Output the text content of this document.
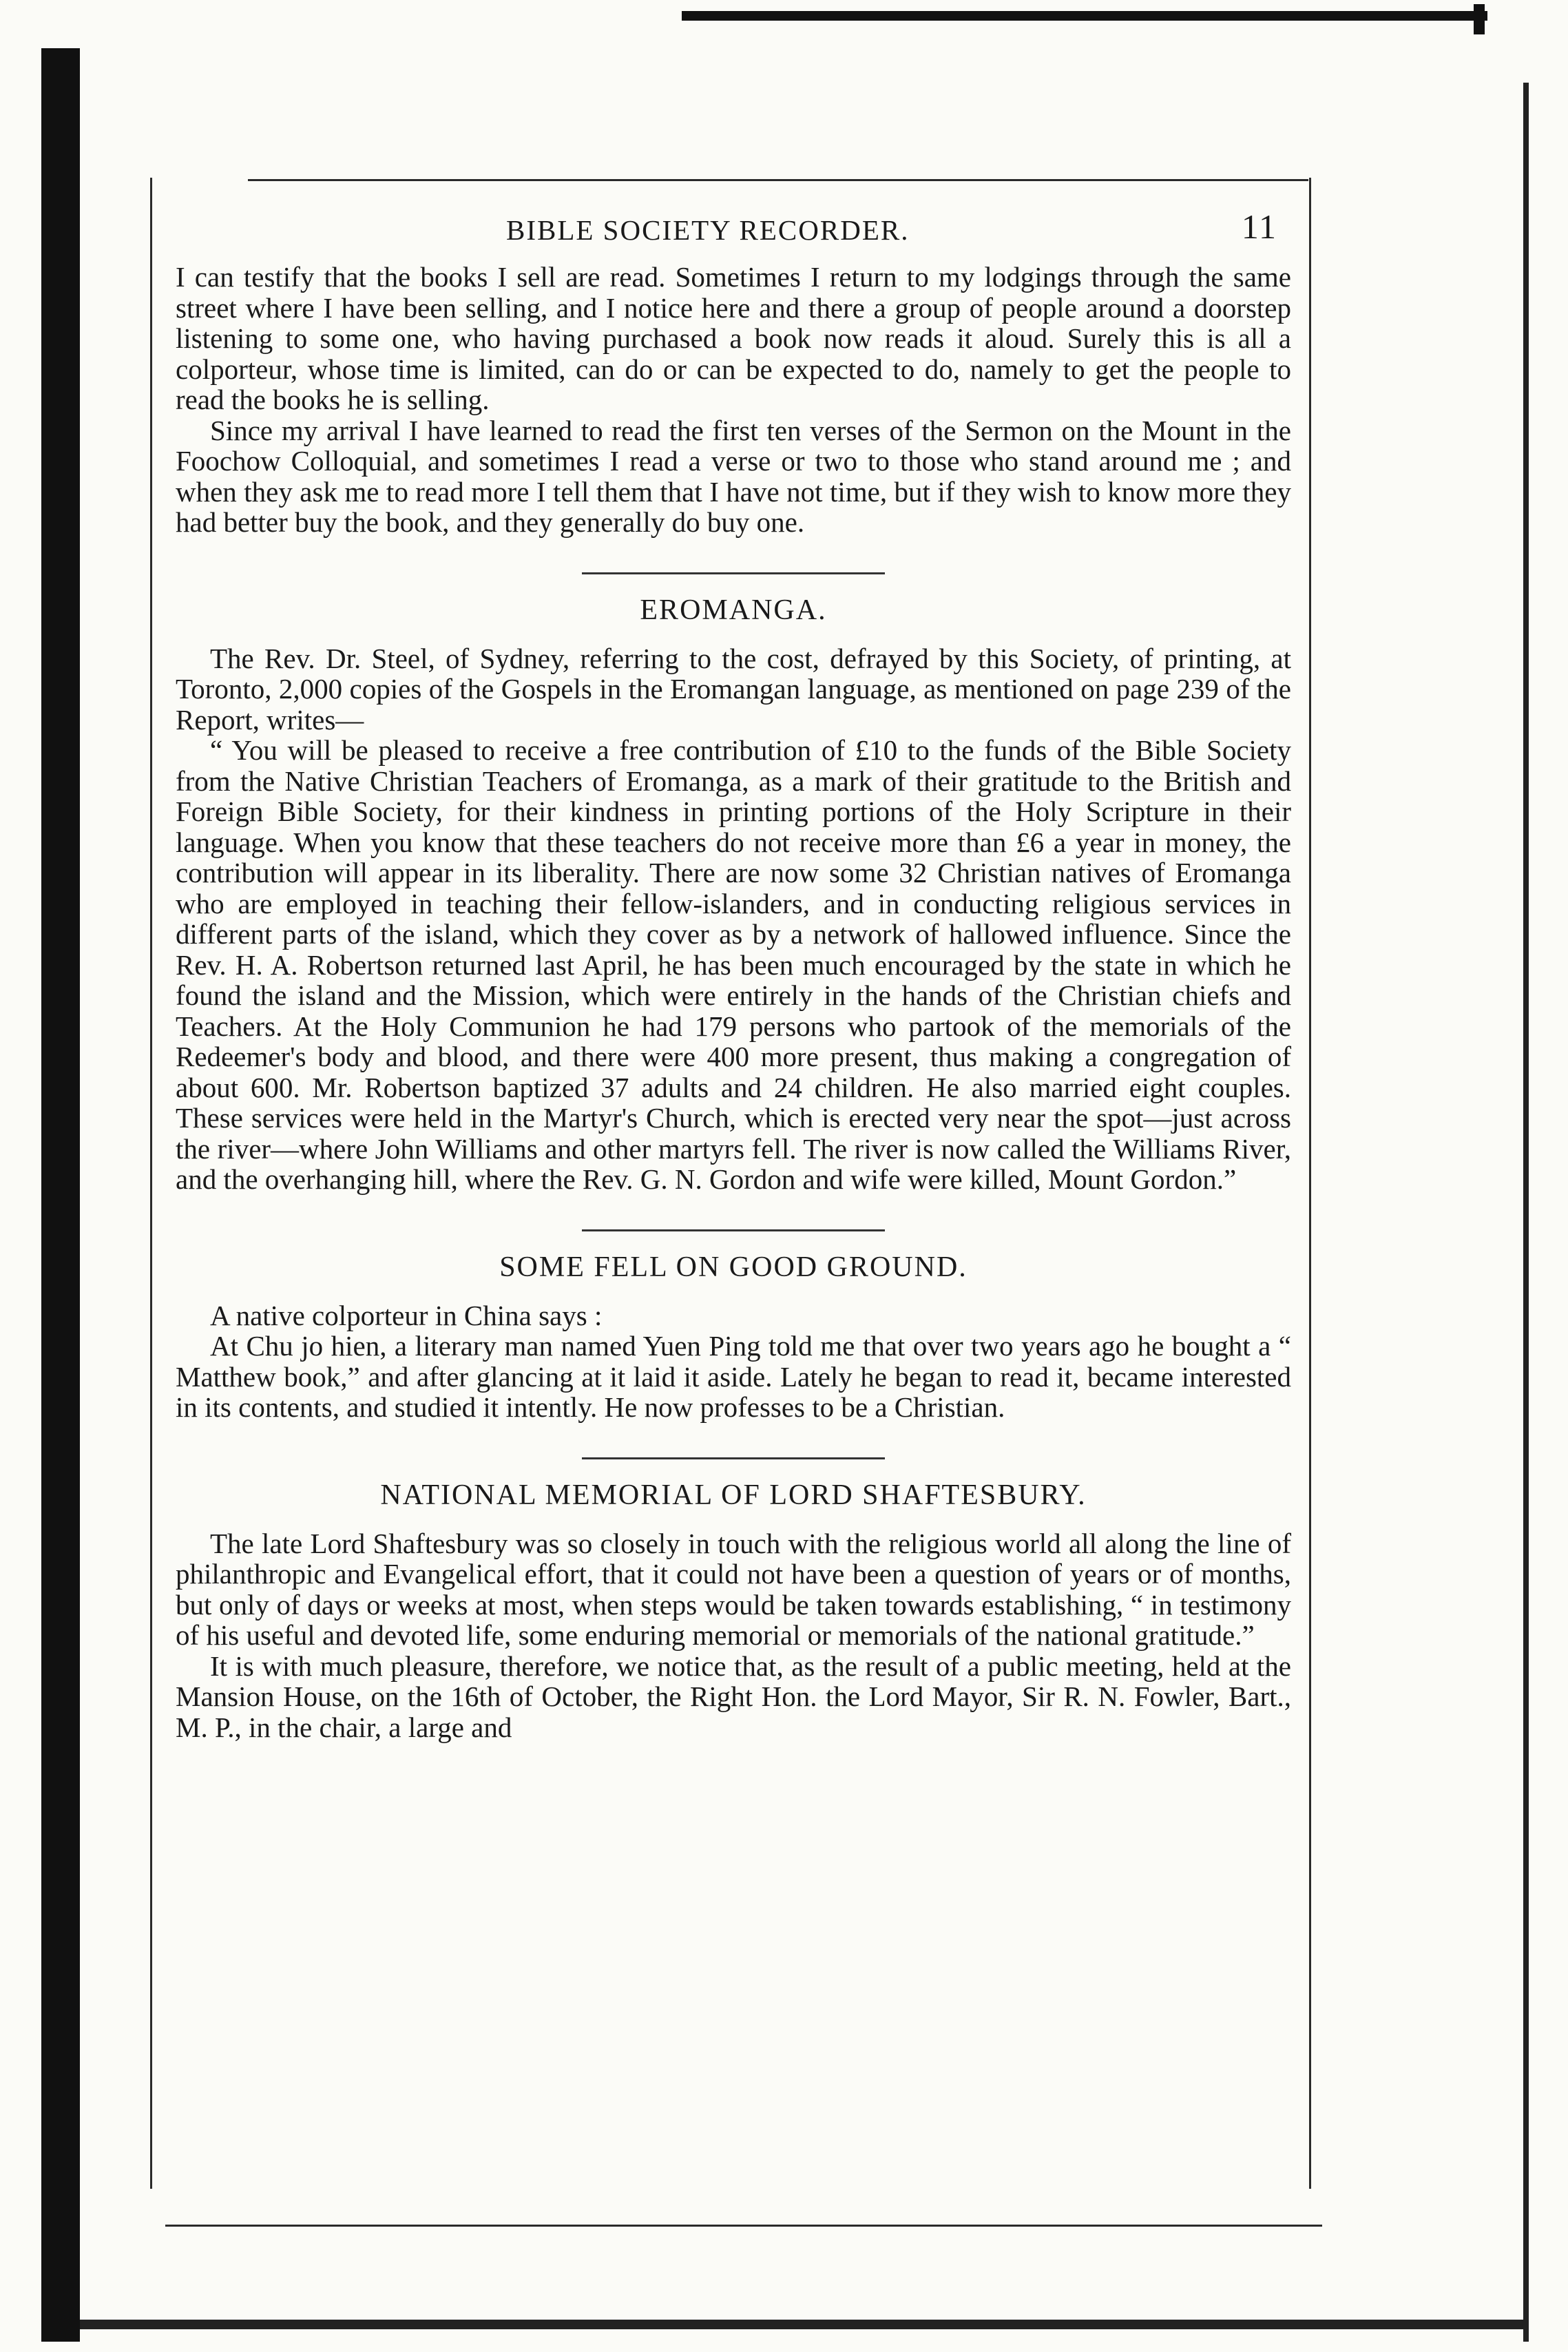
BIBLE SOCIETY RECORDER.	11

I can testify that the books I sell are read. Sometimes I return to my lodgings through the same street where I have been selling, and I notice here and there a group of people around a doorstep listening to some one, who having purchased a book now reads it aloud. Surely this is all a colporteur, whose time is limited, can do or can be expected to do, namely to get the people to read the books he is selling.

Since my arrival I have learned to read the first ten verses of the Sermon on the Mount in the Foochow Colloquial, and sometimes I read a verse or two to those who stand around me ; and when they ask me to read more I tell them that I have not time, but if they wish to know more they had better buy the book, and they generally do buy one.

EROMANGA.

The Rev. Dr. Steel, of Sydney, referring to the cost, defrayed by this Society, of printing, at Toronto, 2,000 copies of the Gospels in the Eromangan language, as mentioned on page 239 of the Report, writes—

“ You will be pleased to receive a free contribution of £10 to the funds of the Bible Society from the Native Christian Teachers of Eromanga, as a mark of their gratitude to the British and Foreign Bible Society, for their kindness in printing portions of the Holy Scripture in their language. When you know that these teachers do not receive more than £6 a year in money, the contribution will appear in its liberality. There are now some 32 Christian natives of Eromanga who are employed in teaching their fellow-islanders, and in conducting religious services in different parts of the island, which they cover as by a network of hallowed influence. Since the Rev. H. A. Robertson returned last April, he has been much encouraged by the state in which he found the island and the Mission, which were entirely in the hands of the Christian chiefs and Teachers. At the Holy Communion he had 179 persons who partook of the memorials of the Redeemer's body and blood, and there were 400 more present, thus making a congregation of about 600. Mr. Robertson baptized 37 adults and 24 children. He also married eight couples. These services were held in the Martyr's Church, which is erected very near the spot—just across the river—where John Williams and other martyrs fell. The river is now called the Williams River, and the overhanging hill, where the Rev. G. N. Gordon and wife were killed, Mount Gordon.”

SOME FELL ON GOOD GROUND.

A native colporteur in China says :

At Chu jo hien, a literary man named Yuen Ping told me that over two years ago he bought a “ Matthew book,” and after glancing at it laid it aside. Lately he began to read it, became interested in its contents, and studied it intently. He now professes to be a Christian.

NATIONAL MEMORIAL OF LORD SHAFTESBURY.

The late Lord Shaftesbury was so closely in touch with the religious world all along the line of philanthropic and Evangelical effort, that it could not have been a question of years or of months, but only of days or weeks at most, when steps would be taken towards establishing, “ in testimony of his useful and devoted life, some enduring memorial or memorials of the national gratitude.”

It is with much pleasure, therefore, we notice that, as the result of a public meeting, held at the Mansion House, on the 16th of October, the Right Hon. the Lord Mayor, Sir R. N. Fowler, Bart., M. P., in the chair, a large and
